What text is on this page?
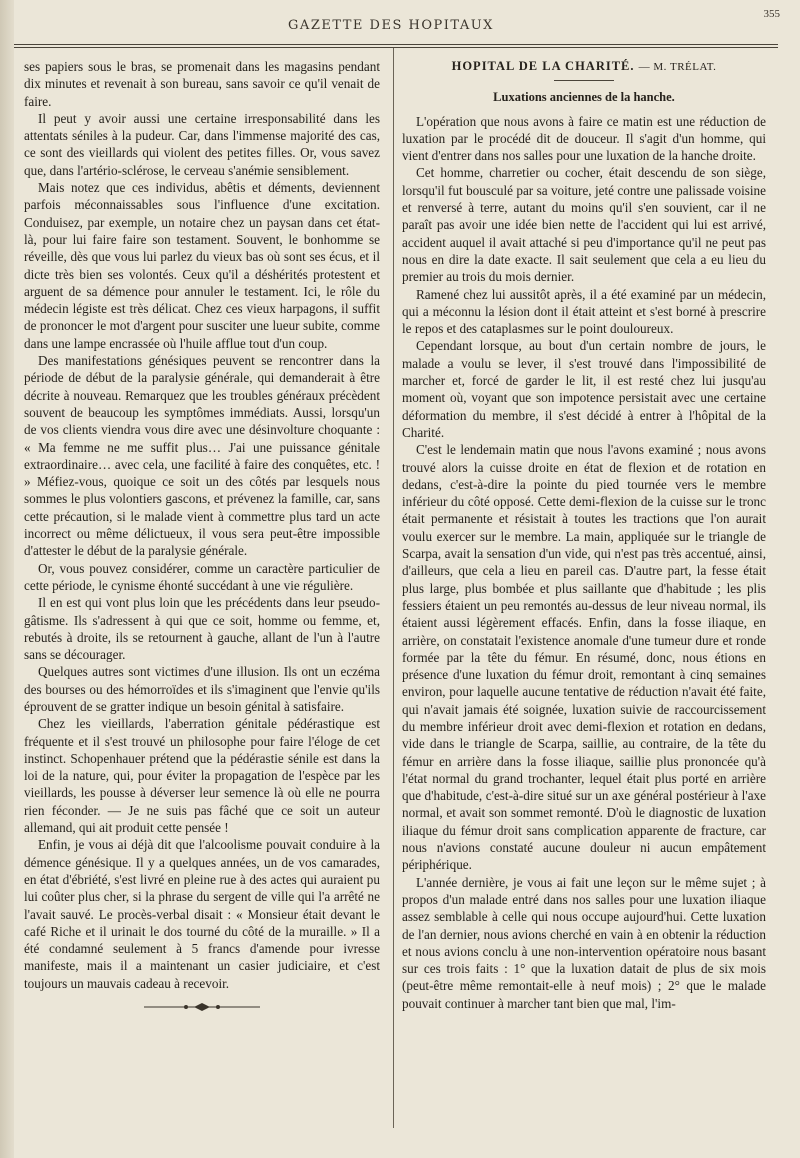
GAZETTE DES HOPITAUX
355

ses papiers sous le bras, se promenait dans les magasins pendant dix minutes et revenait à son bureau, sans savoir ce qu'il venait de faire.

Il peut y avoir aussi une certaine irresponsabilité dans les attentats séniles à la pudeur. Car, dans l'immense majorité des cas, ce sont des vieillards qui violent des petites filles. Or, vous savez que, dans l'artério-sclérose, le cerveau s'anémie sensiblement.

Mais notez que ces individus, abêtis et déments, deviennent parfois méconnaissables sous l'influence d'une excitation. Conduisez, par exemple, un notaire chez un paysan dans cet état-là, pour lui faire faire son testament. Souvent, le bonhomme se réveille, dès que vous lui parlez du vieux bas où sont ses écus, et il dicte très bien ses volontés. Ceux qu'il a déshérités protestent et arguent de sa démence pour annuler le testament. Ici, le rôle du médecin légiste est très délicat. Chez ces vieux harpagons, il suffit de prononcer le mot d'argent pour susciter une lueur subite, comme dans une lampe encrassée où l'huile afflue tout d'un coup.

Des manifestations génésiques peuvent se rencontrer dans la période de début de la paralysie générale, qui demanderait à être décrite à nouveau. Remarquez que les troubles généraux précèdent souvent de beaucoup les symptômes immédiats. Aussi, lorsqu'un de vos clients viendra vous dire avec une désinvolture choquante : « Ma femme ne me suffit plus… J'ai une puissance génitale extraordinaire… avec cela, une facilité à faire des conquêtes, etc. ! » Méfiez-vous, quoique ce soit un des côtés par lesquels nous sommes le plus volontiers gascons, et prévenez la famille, car, sans cette précaution, si le malade vient à commettre plus tard un acte incorrect ou même délictueux, il vous sera peut-être impossible d'attester le début de la paralysie générale.

Or, vous pouvez considérer, comme un caractère particulier de cette période, le cynisme éhonté succédant à une vie régulière.

Il en est qui vont plus loin que les précédents dans leur pseudo-gâtisme. Ils s'adressent à qui que ce soit, homme ou femme, et, rebutés à droite, ils se retournent à gauche, allant de l'un à l'autre sans se décourager.

Quelques autres sont victimes d'une illusion. Ils ont un eczéma des bourses ou des hémorroïdes et ils s'imaginent que l'envie qu'ils éprouvent de se gratter indique un besoin génital à satisfaire.

Chez les vieillards, l'aberration génitale pédérastique est fréquente et il s'est trouvé un philosophe pour faire l'éloge de cet instinct. Schopenhauer prétend que la pédérastie sénile est dans la loi de la nature, qui, pour éviter la propagation de l'espèce par les vieillards, les pousse à déverser leur semence là où elle ne pourra rien féconder. — Je ne suis pas fâché que ce soit un auteur allemand, qui ait produit cette pensée !

Enfin, je vous ai déjà dit que l'alcoolisme pouvait conduire à la démence génésique. Il y a quelques années, un de vos camarades, en état d'ébriété, s'est livré en pleine rue à des actes qui auraient pu lui coûter plus cher, si la phrase du sergent de ville qui l'a arrêté ne l'avait sauvé. Le procès-verbal disait : « Monsieur était devant le café Riche et il urinait le dos tourné du côté de la muraille. » Il a été condamné seulement à 5 francs d'amende pour ivresse manifeste, mais il a maintenant un casier judiciaire, et c'est toujours un mauvais cadeau à recevoir.

HOPITAL DE LA CHARITÉ. — M. TRÉLAT.
Luxations anciennes de la hanche.

L'opération que nous avons à faire ce matin est une réduction de luxation par le procédé dit de douceur. Il s'agit d'un homme, qui vient d'entrer dans nos salles pour une luxation de la hanche droite.

Cet homme, charretier ou cocher, était descendu de son siège, lorsqu'il fut bousculé par sa voiture, jeté contre une palissade voisine et renversé à terre, autant du moins qu'il s'en souvient, car il ne paraît pas avoir une idée bien nette de l'accident qui lui est arrivé, accident auquel il avait attaché si peu d'importance qu'il ne peut pas nous en dire la date exacte. Il sait seulement que cela a eu lieu du premier au trois du mois dernier.

Ramené chez lui aussitôt après, il a été examiné par un médecin, qui a méconnu la lésion dont il était atteint et s'est borné à prescrire le repos et des cataplasmes sur le point douloureux.

Cependant lorsque, au bout d'un certain nombre de jours, le malade a voulu se lever, il s'est trouvé dans l'impossibilité de marcher et, forcé de garder le lit, il est resté chez lui jusqu'au moment où, voyant que son impotence persistait avec une certaine déformation du membre, il s'est décidé à entrer à l'hôpital de la Charité.

C'est le lendemain matin que nous l'avons examiné ; nous avons trouvé alors la cuisse droite en état de flexion et de rotation en dedans, c'est-à-dire la pointe du pied tournée vers le membre inférieur du côté opposé. Cette demi-flexion de la cuisse sur le tronc était permanente et résistait à toutes les tractions que l'on aurait voulu exercer sur le membre. La main, appliquée sur le triangle de Scarpa, avait la sensation d'un vide, qui n'est pas très accentué, ainsi, d'ailleurs, que cela a lieu en pareil cas. D'autre part, la fesse était plus large, plus bombée et plus saillante que d'habitude ; les plis fessiers étaient un peu remontés au-dessus de leur niveau normal, ils étaient aussi légèrement effacés. Enfin, dans la fosse iliaque, en arrière, on constatait l'existence anomale d'une tumeur dure et ronde formée par la tête du fémur. En résumé, donc, nous étions en présence d'une luxation du fémur droit, remontant à cinq semaines environ, pour laquelle aucune tentative de réduction n'avait été faite, qui n'avait jamais été soignée, luxation suivie de raccourcissement du membre inférieur droit avec demi-flexion et rotation en dedans, vide dans le triangle de Scarpa, saillie, au contraire, de la tête du fémur en arrière dans la fosse iliaque, saillie plus prononcée qu'à l'état normal du grand trochanter, lequel était plus porté en arrière que d'habitude, c'est-à-dire situé sur un axe général postérieur à l'axe normal, et avait son sommet remonté. D'où le diagnostic de luxation iliaque du fémur droit sans complication apparente de fracture, car nous n'avions constaté aucune douleur ni aucun empâtement périphérique.

L'année dernière, je vous ai fait une leçon sur le même sujet ; à propos d'un malade entré dans nos salles pour une luxation iliaque assez semblable à celle qui nous occupe aujourd'hui. Cette luxation de l'an dernier, nous avions cherché en vain à en obtenir la réduction et nous avions conclu à une non-intervention opératoire nous basant sur ces trois faits : 1° que la luxation datait de plus de six mois (peut-être même remontait-elle à neuf mois) ; 2° que le malade pouvait continuer à marcher tant bien que mal, l'im-
